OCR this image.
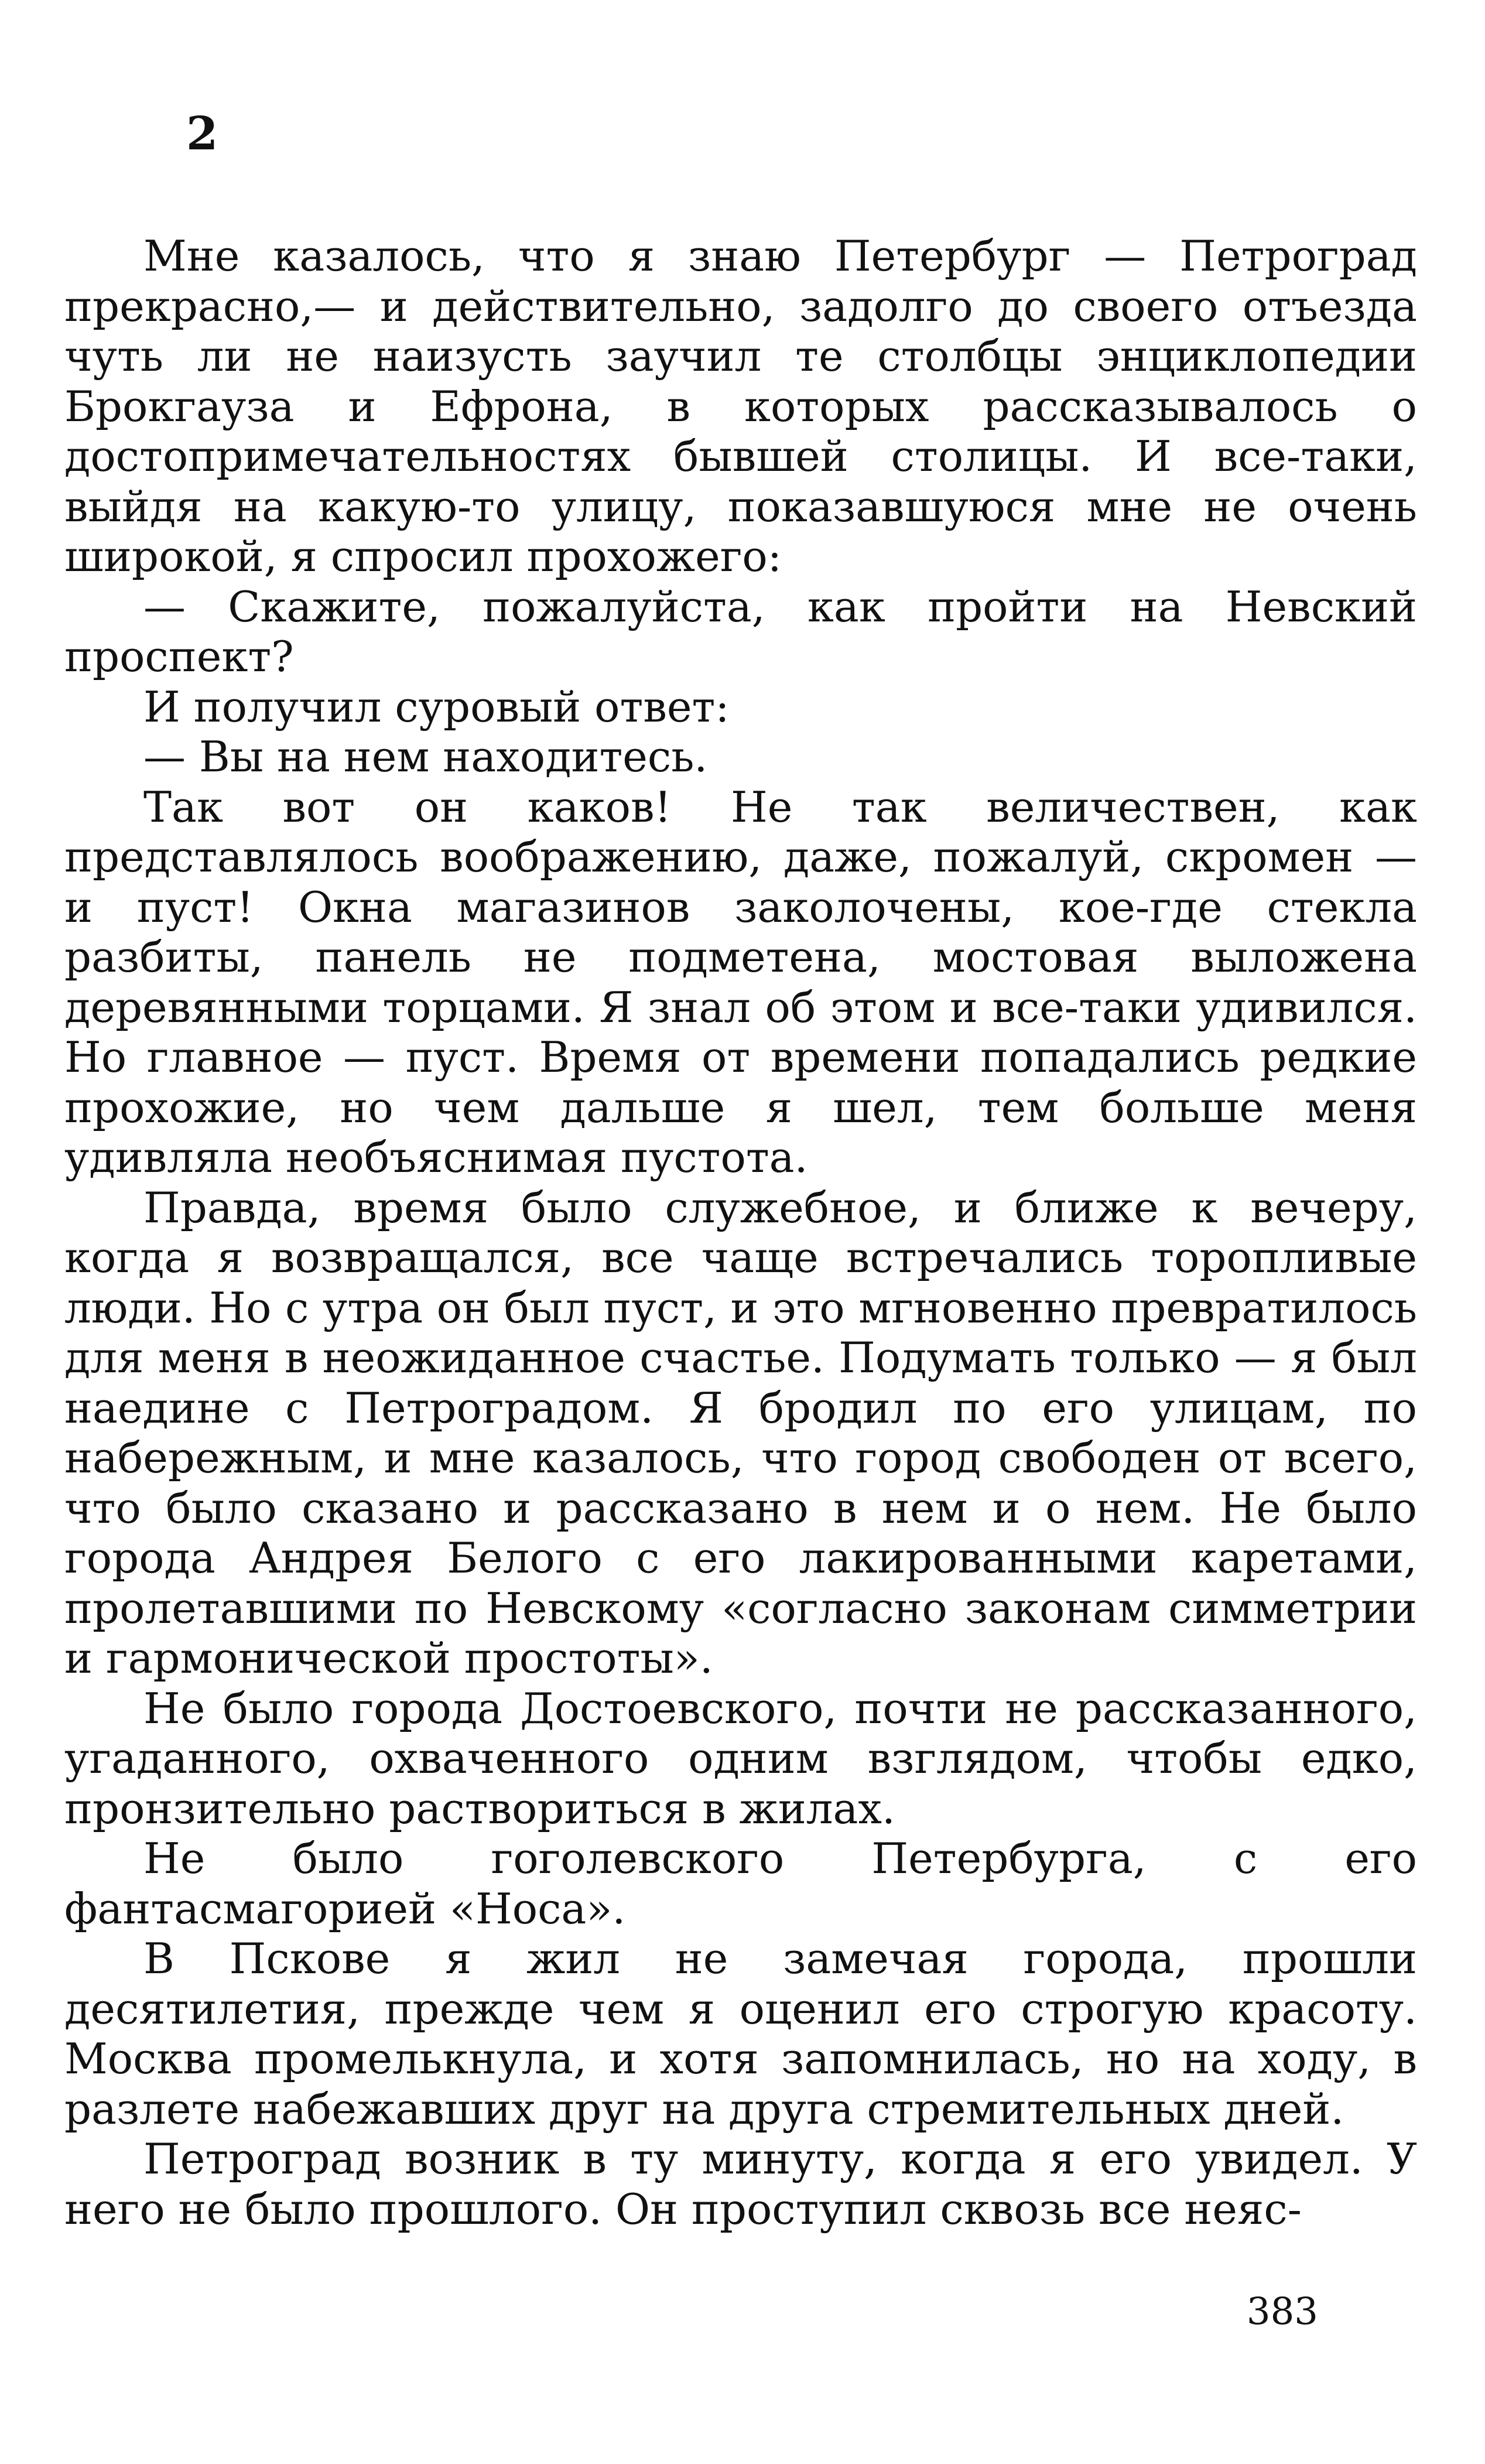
2

Мне казалось, что я знаю Петербург — Петроград прекрасно,— и действительно, задолго до своего отъезда чуть ли не наизусть заучил те столбцы энциклопедии Брокгауза и Ефрона, в которых рассказывалось о достопримечательностях бывшей столицы. И все-таки, выйдя на какую-то улицу, показавшуюся мне не очень широкой, я спросил прохожего:

— Скажите, пожалуйста, как пройти на Невский проспект?

И получил суровый ответ:

— Вы на нем находитесь.

Так вот он каков! Не так величествен, как представлялось воображению, даже, пожалуй, скромен — и пуст! Окна магазинов заколочены, кое-где стекла разбиты, панель не подметена, мостовая выложена деревянными торцами. Я знал об этом и все-таки удивился. Но главное — пуст. Время от времени попадались редкие прохожие, но чем дальше я шел, тем больше меня удивляла необъяснимая пустота.

Правда, время было служебное, и ближе к вечеру, когда я возвращался, все чаще встречались торопливые люди. Но с утра он был пуст, и это мгновенно превратилось для меня в неожиданное счастье. Подумать только — я был наедине с Петроградом. Я бродил по его улицам, по набережным, и мне казалось, что город свободен от всего, что было сказано и рассказано в нем и о нем. Не было города Андрея Белого с его лакированными каретами, пролетавшими по Невскому «согласно законам симметрии и гармонической простоты».

Не было города Достоевского, почти не рассказанного, угаданного, охваченного одним взглядом, чтобы едко, пронзительно раствориться в жилах.

Не было гоголевского Петербурга, с его фантасмагорией «Носа».

В Пскове я жил не замечая города, прошли десятилетия, прежде чем я оценил его строгую красоту. Москва промелькнула, и хотя запомнилась, но на ходу, в разлете набежавших друг на друга стремительных дней.

Петроград возник в ту минуту, когда я его увидел. У него не было прошлого. Он проступил сквозь все неяс-

383
